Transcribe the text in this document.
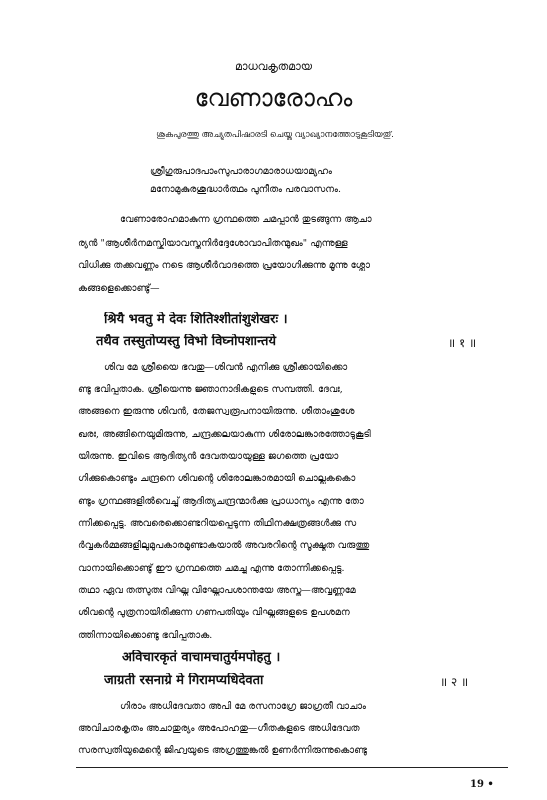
മാധവകൃതമായ
വേണാരോഹം
ശുകപുരത്തു അച്യുതപിഷാരടി ചെയ്ത വ്യാഖ്യാനത്തോടുകൂടിയതു്.
ശ്രീഗുരുപാദപാംസുപാരാഗമാരാധയാമ്യഹം
മനോമുകുരശുദ്ധാർത്ഥം പുനീതം പരവാസനം.
വേണാരോഹമാകുന്ന ഗ്രന്ഥത്തെ ചമപ്പാൻ തുടങ്ങുന്ന ആചാ
ര്യൻ "ആശീർനമസ്ക്രിയാവസ്തുനിർദ്ദേശോവാപിതന്മുഖം" എന്നുള്ള
വിധിക്കു തക്കവണ്ണം നടെ ആശീർവാദത്തെ പ്രയോഗിക്കുന്നു മൂന്നു ശ്ലോ
കങ്ങളെക്കൊണ്ടു്—
श्रियै भवतु मे देवः शितिश्शीतांशुशेखरः ।
तथैव तस्सुतोप्यस्तु विभो विघ्नोपशान्तये	॥ १ ॥
ശിവ മേ ശ്രീയൈ ഭവതു—ശിവൻ എനിക്കു ശ്രീക്കായിക്കൊ
ണ്ടു ഭവിപ്പതാക. ശ്രീയെന്നു ജ്ഞാനാദികളുടെ സമ്പത്തി. ദേവഃ,
അങ്ങനെ ഇരുന്നു ശിവൻ, തേജസ്വരൂപനായിരുന്നു. ശീതാംശുശേ
ഖരഃ, അങ്ങിനെയുമിരുന്നു, ചന്ദ്രക്കലയാകുന്ന ശിരോലങ്കാരത്തോടുകൂടി
യിരുന്നു. ഇവിടെ ആദിത്യൻ ദേവതയായുള്ള ജഗത്തെ പ്രയോ
ഗിക്കുകൊണ്ടും ചന്ദ്രനെ ശിവന്റെ ശിരോലങ്കാരമായി ചൊല്ലുകകൊ
ണ്ടും ഗ്രന്ഥങ്ങളിൽവെച്ചു് ആദിത്യചന്ദ്രന്മാർക്കു പ്രാധാന്യം എന്നു തോ
ന്നിക്കപ്പെട്ടു. അവരെക്കൊണ്ടറിയപ്പെടുന്ന തിഥിനക്ഷത്രങ്ങൾക്കു സ
ർവ്വകർമ്മങ്ങളിലുമുപകാരമുണ്ടാകയാൽ അവരറിന്റെ സൂക്ഷ്മത വരുത്തു
വാനായിക്കൊണ്ടു് ഈ ഗ്രന്ഥത്തെ ചമച്ചു എന്നു തോന്നിക്കപ്പെട്ടു.
തഥാ ഏവ തത്സുതഃ വിഘ്ന വിഘ്നോപശാന്തയേ അസ്തു—അവ്വണ്ണമേ
ശിവന്റെ പുത്രനായിരിക്കുന്ന ഗണപതിയും വിഘ്നങ്ങളുടെ ഉപശമന
ത്തിന്നായിക്കൊണ്ടു ഭവിപ്പതാക.
अविचारकृतं वाचामचातुर्यमपोहतु ।
जाग्रती रसनाग्रे मे गिरामप्यधिदेवता	॥ २ ॥
ഗിരാം അധിദേവതാ അപി മേ രസനാഗ്രേ ജാഗ്രതീ വാചാം
അവിചാരകൃതം അചാതുര്യം അപോഹതു—ഗീതകളുടെ അധിദേവത
സരസ്വതിയുമെന്റെ ജിഹ്വയുടെ അഗ്രത്തുങ്കൽ ഉണർന്നിരുന്നുകൊണ്ടു
19 •
